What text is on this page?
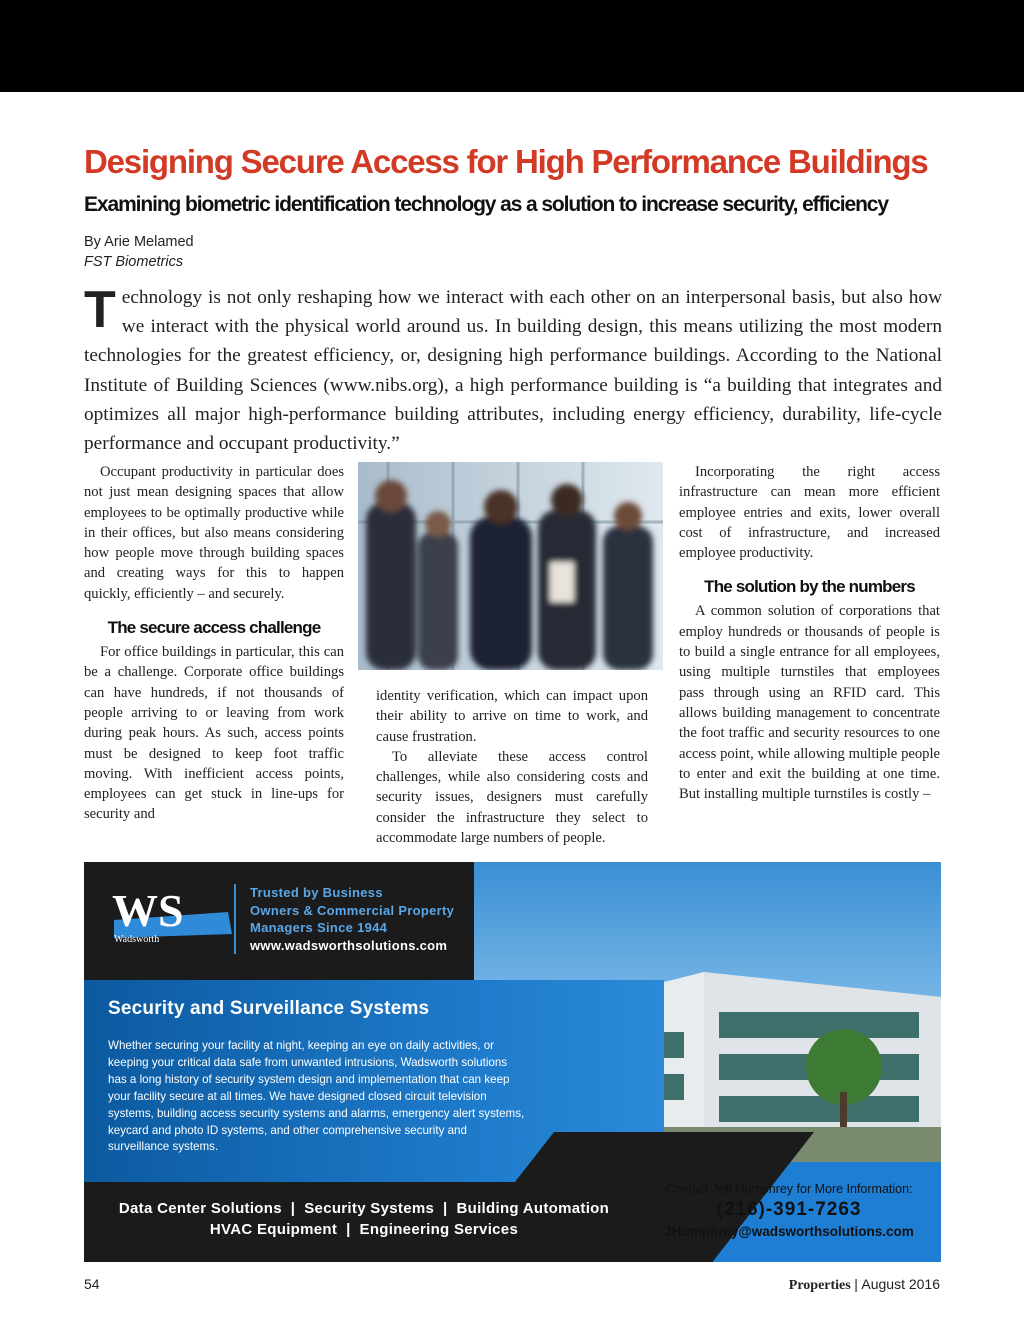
Designing Secure Access for High Performance Buildings
Examining biometric identification technology as a solution to increase security, efficiency
By Arie Melamed
FST Biometrics

Technology is not only reshaping how we interact with each other on an interpersonal basis, but also how we interact with the physical world around us. In building design, this means utilizing the most modern technologies for the greatest efficiency, or, designing high performance buildings. According to the National Institute of Building Sciences (www.nibs.org), a high performance building is “a building that integrates and optimizes all major high-performance building attributes, including energy efficiency, durability, life-cycle performance and occupant productivity.”

Occupant productivity in particular does not just mean designing spaces that allow employees to be optimally productive while in their offices, but also means considering how people move through building spaces and creating ways for this to happen quickly, efficiently – and securely.

The secure access challenge

For office buildings in particular, this can be a challenge. Corporate office buildings can have hundreds, if not thousands of people arriving to or leaving from work during peak hours. As such, access points must be designed to keep foot traffic moving. With inefficient access points, employees can get stuck in line-ups for security and

identity verification, which can impact upon their ability to arrive on time to work, and cause frustration.

To alleviate these access control challenges, while also considering costs and security issues, designers must carefully consider the infrastructure they select to accommodate large numbers of people.

Incorporating the right access infrastructure can mean more efficient employee entries and exits, lower overall cost of infrastructure, and increased employee productivity.

The solution by the numbers

A common solution of corporations that employ hundreds or thousands of people is to build a single entrance for all employees, using multiple turnstiles that employees pass through using an RFID card. This allows building management to concentrate the foot traffic and security resources to one access point, while allowing multiple people to enter and exit the building at one time. But installing multiple turnstiles is costly –

WS
Wadsworth
Trusted by Business
Owners & Commercial Property
Managers Since 1944
www.wadsworthsolutions.com
Security and Surveillance Systems
Whether securing your facility at night, keeping an eye on daily activities, or keeping your critical data safe from unwanted intrusions, Wadsworth solutions has a long history of security system design and implementation that can keep your facility secure at all times. We have designed closed circuit television systems, building access security systems and alarms, emergency alert systems, keycard and photo ID systems, and other comprehensive security and surveillance systems.
Data Center Solutions  |  Security Systems  |  Building Automation
HVAC Equipment  |  Engineering Services
Contact Jeff Humphrey for More Information:
(216)-391-7263
JHumphrey@wadsworthsolutions.com
54	Properties | August 2016
